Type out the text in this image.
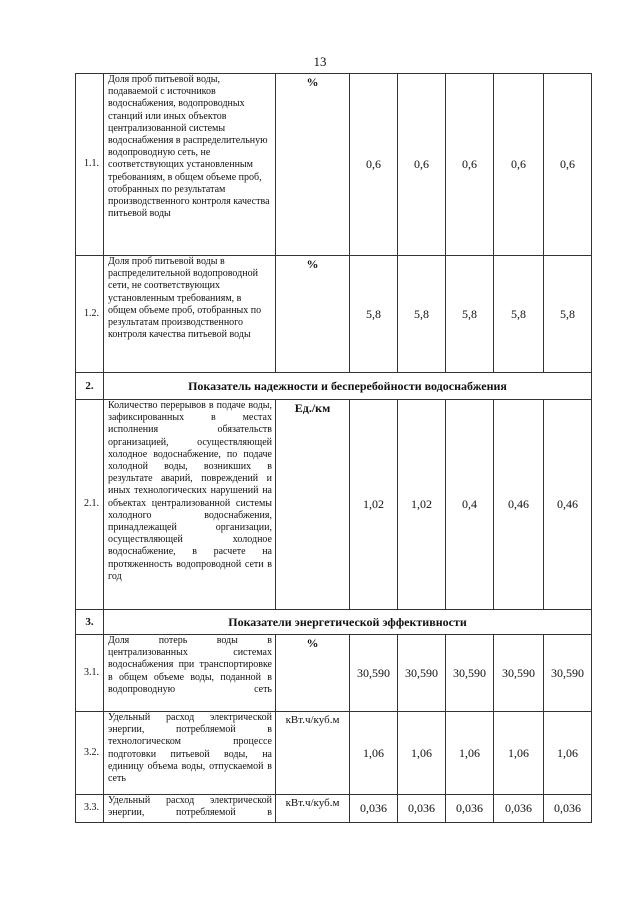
13
1.1.	Доля проб питьевой воды, подаваемой с источников водоснабжения, водопроводных станций или иных объектов централизованной системы водоснабжения в распределительную водопроводную сеть, не соответствующих установленным требованиям, в общем объеме проб, отобранных по результатам производственного контроля качества питьевой воды	%	0,6	0,6	0,6	0,6	0,6
1.2.	Доля проб питьевой воды в распределительной водопроводной сети, не соответствующих установленным требованиям, в общем объеме проб, отобранных по результатам производственного контроля качества питьевой воды	%	5,8	5,8	5,8	5,8	5,8
2.	Показатель надежности и бесперебойности водоснабжения						
2.1.	Количество перерывов в подаче воды, зафиксированных в местах исполнения обязательств организацией, осуществляющей холодное водоснабжение, по подаче холодной воды, возникших в результате аварий, повреждений и иных технологических нарушений на объектах централизованной системы холодного водоснабжения, принадлежащей организации, осуществляющей холодное водоснабжение, в расчете на протяженность водопроводной сети в год	Ед./км	1,02	1,02	0,4	0,46	0,46
3.	Показатели энергетической эффективности						
3.1.	Доля потерь воды в централизованных системах водоснабжения при транспортировке в общем объеме воды, поданной в водопроводную сеть	%	30,590	30,590	30,590	30,590	30,590
3.2.	Удельный расход электрической энергии, потребляемой в технологическом процессе подготовки питьевой воды, на единицу объема воды, отпускаемой в сеть	кВт.ч/куб.м	1,06	1,06	1,06	1,06	1,06
3.3.	Удельный расход электрической энергии, потребляемой в	кВт.ч/куб.м	0,036	0,036	0,036	0,036	0,036
